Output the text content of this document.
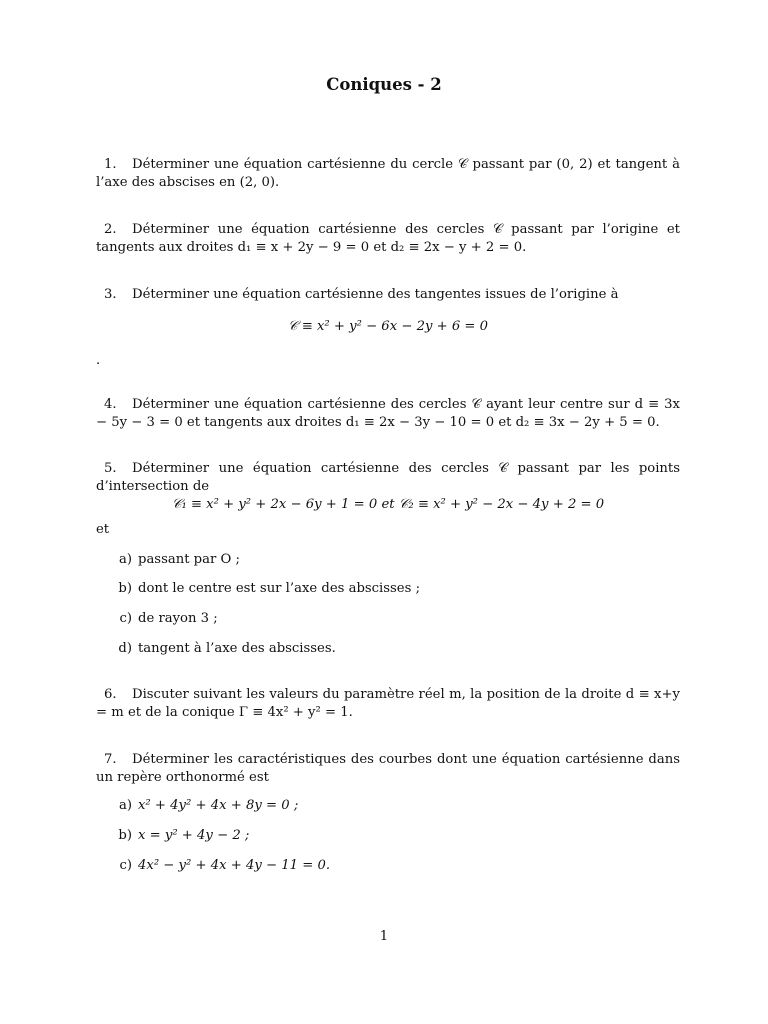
Coniques - 2
1. Déterminer une équation cartésienne du cercle 𝒞 passant par (0, 2) et tangent à l’axe des abscises en (2, 0).
2. Déterminer une équation cartésienne des cercles 𝒞 passant par l’origine et tangents aux droites d₁ ≡ x + 2y − 9 = 0 et d₂ ≡ 2x − y + 2 = 0.
3. Déterminer une équation cartésienne des tangentes issues de l’origine à
𝒞 ≡ x² + y² − 6x − 2y + 6 = 0
.
4. Déterminer une équation cartésienne des cercles 𝒞 ayant leur centre sur d ≡ 3x − 5y − 3 = 0 et tangents aux droites d₁ ≡ 2x − 3y − 10 = 0 et d₂ ≡ 3x − 2y + 5 = 0.
5. Déterminer une équation cartésienne des cercles 𝒞 passant par les points d’intersection de
𝒞₁ ≡ x² + y² + 2x − 6y + 1 = 0 et 𝒞₂ ≡ x² + y² − 2x − 4y + 2 = 0
et
a) passant par O ;
b) dont le centre est sur l’axe des abscisses ;
c) de rayon 3 ;
d) tangent à l’axe des abscisses.
6. Discuter suivant les valeurs du paramètre réel m, la position de la droite d ≡ x+y = m et de la conique Γ ≡ 4x² + y² = 1.
7. Déterminer les caractéristiques des courbes dont une équation cartésienne dans un repère orthonormé est
a) x² + 4y² + 4x + 8y = 0 ;
b) x = y² + 4y − 2 ;
c) 4x² − y² + 4x + 4y − 11 = 0.
1
